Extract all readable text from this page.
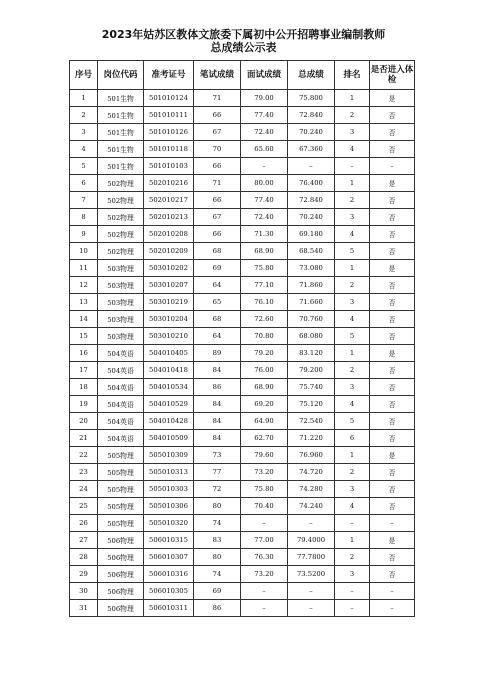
2023年姑苏区教体文旅委下属初中公开招聘事业编制教师
总成绩公示表
序号	岗位代码	准考证号	笔试成绩	面试成绩	总成绩	排名	是否进入体检
1	501生物	501010124	71	79.00	75.800	1	是
2	501生物	501010111	66	77.40	72.840	2	否
3	501生物	501010126	67	72.40	70.240	3	否
4	501生物	501010118	70	65.60	67.360	4	否
5	501生物	501010103	66	–	–	–	–
6	502物理	502010216	71	80.00	76.400	1	是
7	502物理	502010217	66	77.40	72.840	2	否
8	502物理	502010213	67	72.40	70.240	3	否
9	502物理	502010208	66	71.30	69.180	4	否
10	502物理	502010209	68	68.90	68.540	5	否
11	503物理	503010202	69	75.80	73.080	1	是
12	503物理	503010207	64	77.10	71.860	2	否
13	503物理	503010219	65	76.10	71.660	3	否
14	503物理	503010204	68	72.60	70.760	4	否
15	503物理	503010210	64	70.80	68.080	5	否
16	504英语	504010405	89	79.20	83.120	1	是
17	504英语	504010418	84	76.00	79.200	2	否
18	504英语	504010534	86	68.90	75.740	3	否
19	504英语	504010529	84	69.20	75.120	4	否
20	504英语	504010428	84	64.90	72.540	5	否
21	504英语	504010509	84	62.70	71.220	6	否
22	505物理	505010309	73	79.60	76.960	1	是
23	505物理	505010313	77	73.20	74.720	2	否
24	505物理	505010303	72	75.80	74.280	3	否
25	505物理	505010306	80	70.40	74.240	4	否
26	505物理	505010320	74	–	–	–	–
27	506物理	506010315	83	77.00	79.4000	1	是
28	506物理	506010307	80	76.30	77.7800	2	否
29	506物理	506010316	74	73.20	73.5200	3	否
30	506物理	506010305	69	–	–	–	–
31	506物理	506010311	86	–	–	–	–
